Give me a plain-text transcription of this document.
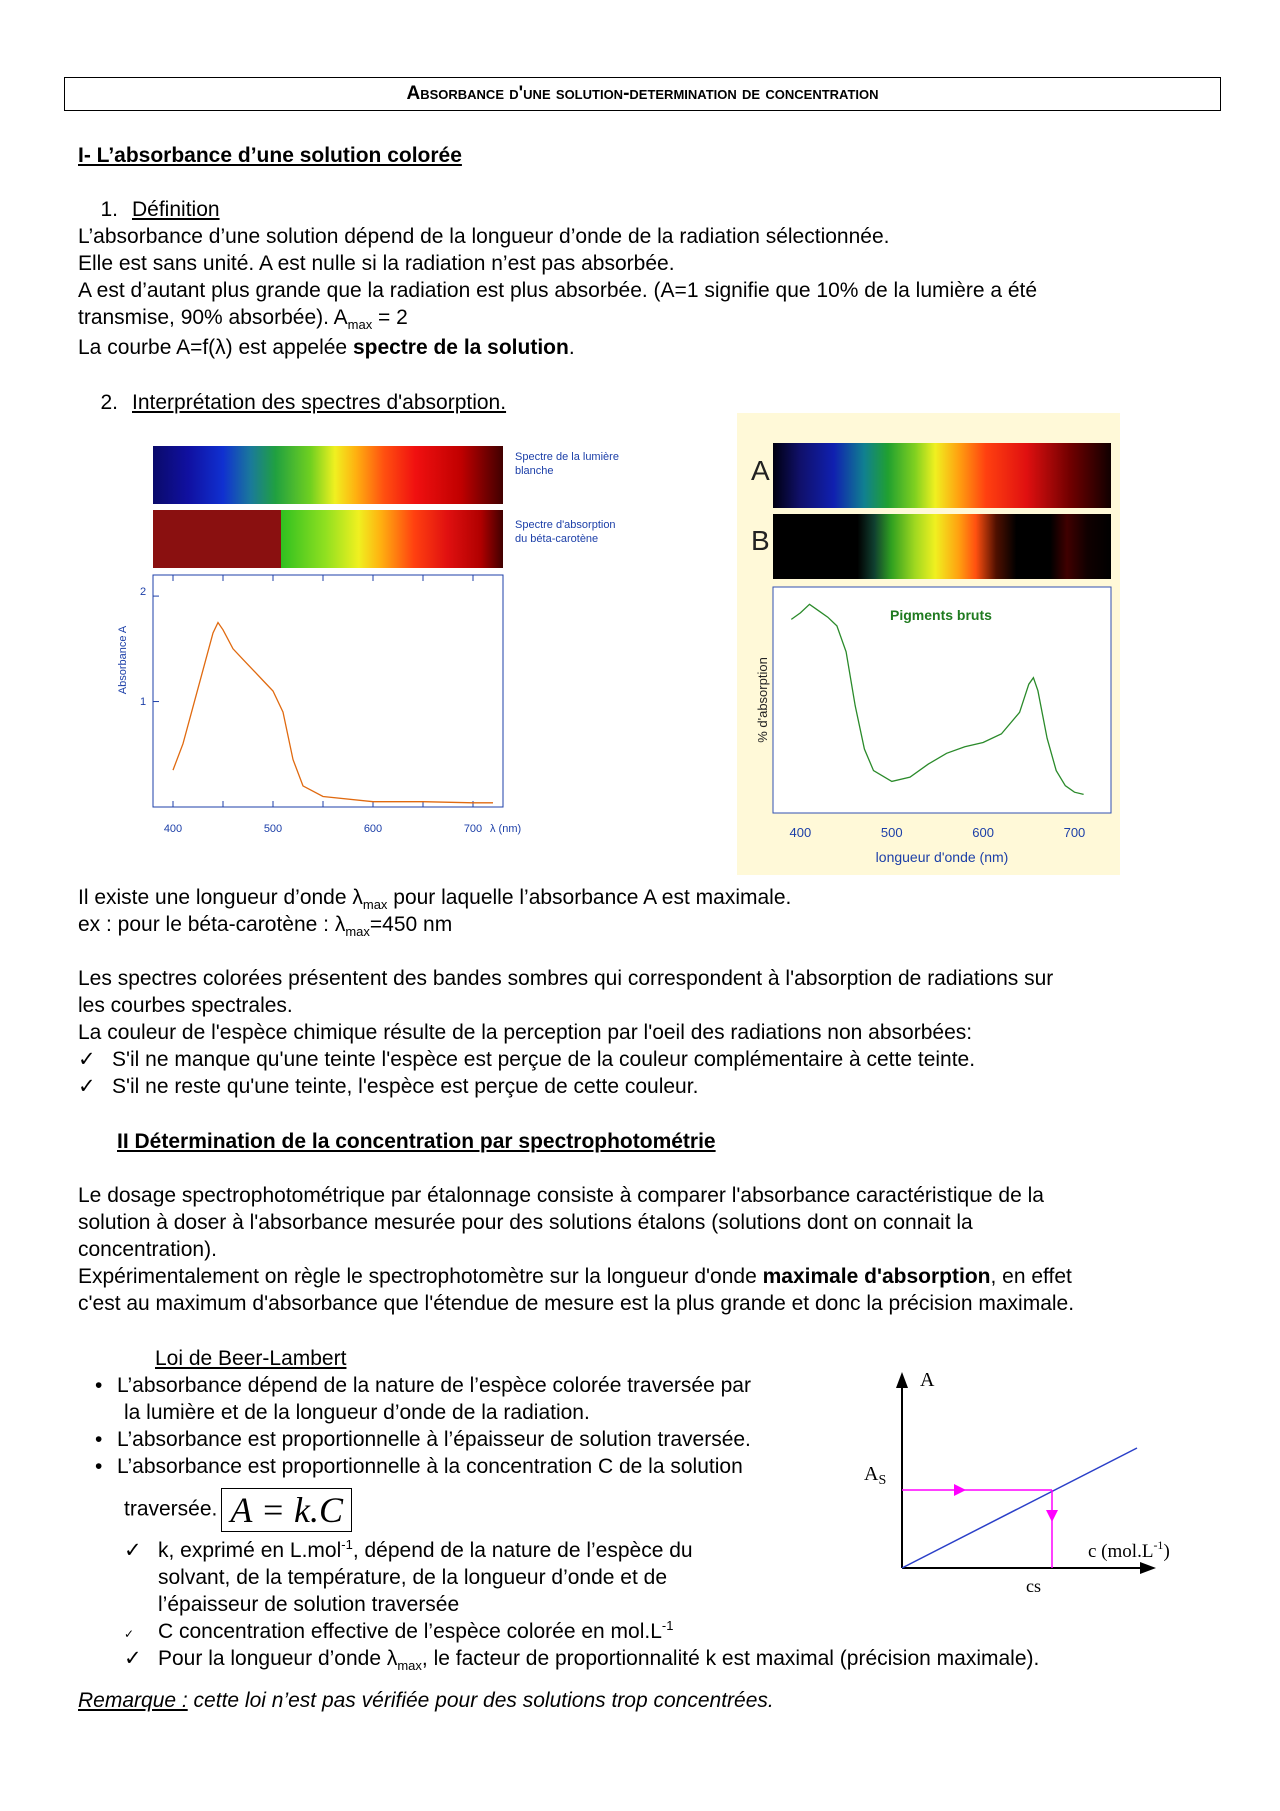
Absorbance d'une solution-determination de concentration
I- L’absorbance d’une solution colorée
1. Définition
L’absorbance d’une solution dépend de la longueur d’onde de la radiation sélectionnée.
Elle est sans unité. A est nulle si la radiation n’est pas absorbée.
A est d’autant plus grande que la radiation est plus absorbée. (A=1 signifie que 10% de la lumière a été
transmise, 90% absorbée). $A_{max} = 2$
La courbe A=f(λ) est appelée spectre de la solution.
2. Interprétation des spectres d'absorption.
Spectre de la lumière
blanche
Spectre d'absorption
du béta-carotène
Absorbance A
2
1
400	500	600	700 λ (nm)
A
B
% d'absorption
Pigments bruts
400	500	600	700
longueur d'onde (nm)
Il existe une longueur d’onde $\lambda_{max}$ pour laquelle l’absorbance A est maximale.
ex : pour le béta-carotène : $\lambda_{max}=450$ nm
Les spectres colorées présentent des bandes sombres qui correspondent à l'absorption de radiations sur
les courbes spectrales.
La couleur de l'espèce chimique résulte de la perception par l'oeil des radiations non absorbées:
✓ S'il ne manque qu'une teinte l'espèce est perçue de la couleur complémentaire à cette teinte.
✓ S'il ne reste qu'une teinte, l'espèce est perçue de cette couleur.
II Détermination de la concentration par spectrophotométrie
Le dosage spectrophotométrique par étalonnage consiste à comparer l'absorbance caractéristique de la
solution à doser à l'absorbance mesurée pour des solutions étalons (solutions dont on connait la
concentration).
Expérimentalement on règle le spectrophotomètre sur la longueur d'onde maximale d'absorption, en effet
c'est au maximum d'absorbance que l'étendue de mesure est la plus grande et donc la précision maximale.
Loi de Beer-Lambert
• L’absorbance dépend de la nature de l’espèce colorée traversée par
la lumière et de la longueur d’onde de la radiation.
• L’absorbance est proportionnelle à l’épaisseur de solution traversée.
• L’absorbance est proportionnelle à la concentration C de la solution
traversée. A = k.C
✓ k, exprimé en L.mol$^{-1}$, dépend de la nature de l’espèce du
solvant, de la température, de la longueur d’onde et de
l’épaisseur de solution traversée
✓ C concentration effective de l’espèce colorée en $mol.L^{-1}$
✓ Pour la longueur d’onde $\lambda_{max}$, le facteur de proportionnalité k est maximal (précision maximale).
Remarque : cette loi n’est pas vérifiée pour des solutions trop concentrées.
A
$A_S$
c $(mol.L^{-1})$
cs
